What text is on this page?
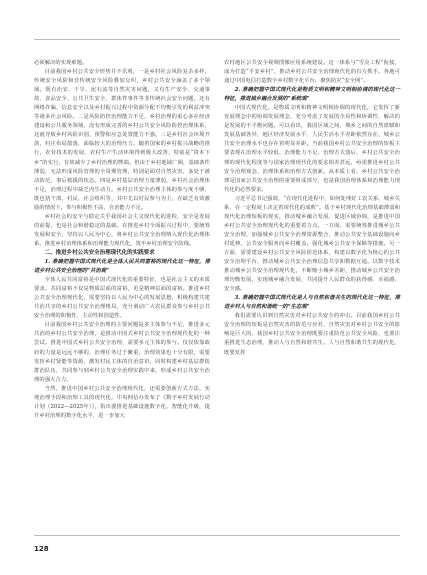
必须解决的实现难题。

目前我国乡村公共安全形势并不乐观，一是乡村社会风险复杂多样，传统安全风险和非传统安全风险叠加交织，乡村公共安全涵盖了多个领域，既有治安、干旱、泥石流等自然灾害问题，又有生产安全、交通事故、食品安全、公共卫生安全、群体性事件等非传统社会安全问题，还有网络诈骗、信息安全以及乡村振兴过程中资源分配不均衡引发的利益冲突等诸多社会风险。二是风险防控治理能力不足，乡村治理的重心多在经济建设和公共服务领域，没有形成完善的乡村公共安全风险防控治理体系，这就导致乡村风险识别、预警和应急处置能力不强。三是乡村社会环境开放，村庄布局散落，面临较大的治理压力。随着国家的乡村振兴战略的推行，农业技术的发展，农村生产生活环境得到极大改善，特别是“资本下乡”的实行，有效减少了乡村治理的弊端。但由于乡村地域广阔，基础条件薄弱，无法形成风险管理的全周期管理，特别是面对自然灾害，多处于被动防范，事后救援的状态。四是乡村基层治理力量薄弱，乡村社会治理体不足，治理过程中缺乏内生动力。乡村公共安全治理主体的参与度不够，既包括干部、村民、社会组织等，其中尤以村民参与为主，在缺乏有效激励的情况下，参与积极性不高，自治能力不足。

乡村社会的安全与稳定关乎我国社会主义现代化的进程，安全是发展的前提，也是社会和谐稳定的基础。在推进乡村全面振兴过程中，要统筹发展和安全，坚持以人民为中心，将乡村公共安全治理纳入现代化治理体系，推进乡村治理体系和治理能力现代化，筑牢乡村治理安全防线。

二、推进乡村公共安全治理现代化的实践要求

1. 准确把握中国式现代化是全体人民共同富裕的现代化这一特征，推进乡村公共安全治理的“共治观”

全体人民共同富裕是中国式现代化的重要特征，也是社会主义的本质要求。共同富裕不仅是物质层面的富裕，更是精神层面的富裕。推进乡村公共安全治理现代化，需要坚持以人民为中心的发展思想，积极构建共建共治共享的乡村公共安全治理格局，充分调动广大农民群众参与乡村公共安全治理的积极性、主动性和创造性。

目前我国乡村公共安全治理的主要问题是多主体参与不足，推进多元共治的乡村公共安全治理，是推动中国式乡村公共安全治理现代化的一种尝试。推进中国式乡村公共安全治理，需要多元主体的参与。仅仅依靠政府的力量是远远不够的，治理任务过于繁重，治理效果也十分有限，需要发挥乡村贤能等资源，激发村民主体的自治意识，同时构建乡村基层群防群治队伍，共同参与到乡村公共安全治理实践中来，形成乡村公共安全治理的强大合力。

当然，推进中国乡村公共安全治理现代化，还需要创新方式方法，实现治理手段和治理工具的现代化。中央网信办发布了《数字乡村发展行动计划（2022—2025年）》，指出要推进基础设施数字化、智能化升级，提升乡村治理的数字化水平，进一步加大

农村地区公共安全视频图像应用系统建设。这一体系与“雪亮工程”衔接，成为打造“平安乡村”、推动乡村公共安全治理现代化的有力抓手。各地可通过中国电信打造数字乡村数字化平台，聚焦防灾“安全网”。

2. 准确把握中国式现代化是物质文明和精神文明相协调的现代化这一特征，推进城乡融合发展的“系统观”

中国式现代化，是物质文明和精神文明相协调的现代化，它发挥了新发展理念中的协调发展理念，充分考虑了发展的全局性和协调性，解决的是发展的不平衡问题。可以看出，我国区域之间，城乡之间的自然禀赋和发展基础各异，地区经济发展水平、人民生活水平差距依然存在，城乡公共安全治理水平也存在着明显差距。当前我国乡村公共安全治理的短板主要表现在治理水平较低、治理能力不足、治理方式落后，乡村公共安全治理的现代化程度等与国家治理现代化的要求相差甚远，亟需推进乡村公共安全治理观念、治理体系和治理方式创新。从本质上看，乡村公共安全治理是国家公共安全治理的重要组成部分，也是我国治理体系和治理能力现代化的必然要求。

习近平总书记强调，“在现代化进程中，如何处理好工农关系、城乡关系，在一定程度上决定着现代化的成败”。基于乡村现代化治理基础薄弱和现代化治理短板的现实，推动城乡融合发展，促进区域协调，是推进中国乡村公共安全治理现代化的重要着力点。一方面，需要统筹推进城乡公共安全治理，加强城乡公共安全治理资源整合，推动公共安全基础设施向乡村延伸，公共安全服务向乡村覆盖，强化城乡公共安全保障等措施。另一方面，需要建设乡村公共安全风险防范体系，构建以数字化为核心的公共安全治理平台，推动城乡公共安全治理信息共享和数据互通。以数字技术推动城乡公共安全治理现代化，不断缩小城乡差距，推动城乡公共安全治理均衡发展，实现城乡融合发展，共同提升人民群众的获得感、幸福感、安全感。

3. 准确把握中国式现代化是人与自然和谐共生的现代化这一特征，推进乡村人与自然和谐统一的“生态观”

我们需要认识到自然灾害对乡村公共安全的冲击。目前我国乡村公共安全治理的短板是自然灾害的防范与应对，自然灾害对乡村公共安全的影响是巨大的。我国乡村公共安全治理既要注重防范公共安全风险，也要注重推进生态治理，推动人与自然和谐共生。人与自然和谐共生的现代化，既要发挥

128
